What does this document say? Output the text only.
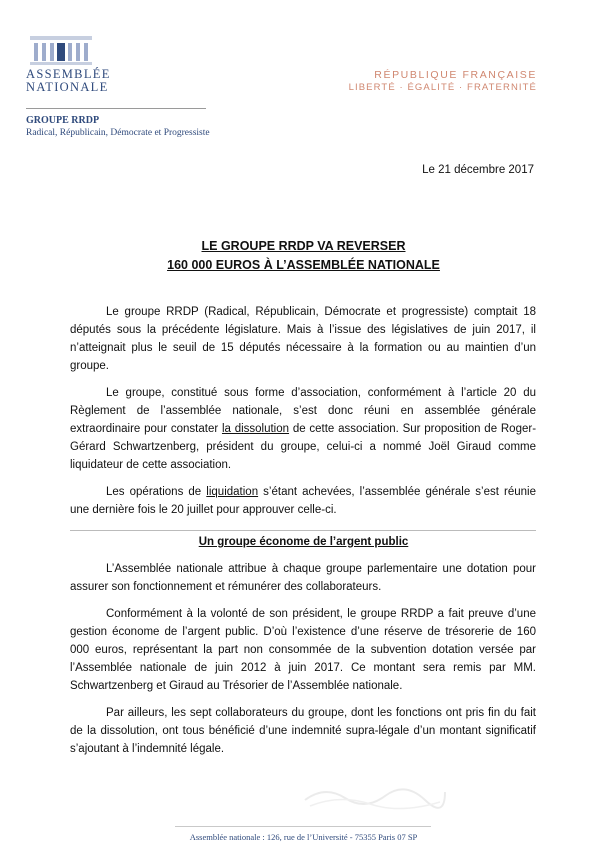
ASSEMBLÉE
NATIONALE
GROUPE RRDP
Radical, Républicain, Démocrate et Progressiste
RÉPUBLIQUE FRANÇAISE
LIBERTÉ · ÉGALITÉ · FRATERNITÉ
Le 21 décembre 2017
LE GROUPE RRDP VA REVERSER
160 000 EUROS À L’ASSEMBLÉE NATIONALE

Le groupe RRDP (Radical, Républicain, Démocrate et progressiste) comptait 18 députés sous la précédente législature. Mais à l’issue des législatives de juin 2017, il n’atteignait plus le seuil de 15 députés nécessaire à la formation ou au maintien d’un groupe.

Le groupe, constitué sous forme d’association, conformément à l’article 20 du Règlement de l’assemblée nationale, s’est donc réuni en assemblée générale extraordinaire pour constater la dissolution de cette association. Sur proposition de Roger-Gérard Schwartzenberg, président du groupe, celui-ci a nommé Joël Giraud comme liquidateur de cette association.

Les opérations de liquidation s’étant achevées, l’assemblée générale s’est réunie une dernière fois le 20 juillet pour approuver celle-ci.

Un groupe économe de l’argent public

L’Assemblée nationale attribue à chaque groupe parlementaire une dotation pour assurer son fonctionnement et rémunérer des collaborateurs.

Conformément à la volonté de son président, le groupe RRDP a fait preuve d’une gestion économe de l’argent public. D’où l’existence d’une réserve de trésorerie de 160 000 euros, représentant la part non consommée de la subvention dotation versée par l’Assemblée nationale de juin 2012 à juin 2017. Ce montant sera remis par MM. Schwartzenberg et Giraud au Trésorier de l’Assemblée nationale.

Par ailleurs, les sept collaborateurs du groupe, dont les fonctions ont pris fin du fait de la dissolution, ont tous bénéficié d’une indemnité supra-légale d’un montant significatif s’ajoutant à l’indemnité légale.

Assemblée nationale : 126, rue de l’Université - 75355 Paris 07 SP
